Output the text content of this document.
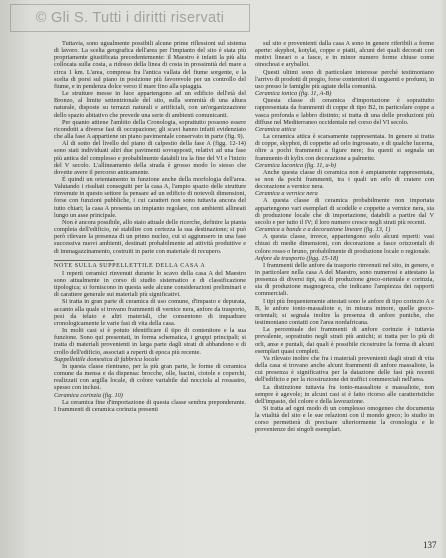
© Gli S. Tutti i diritti riservati

Tuttavia, sono ugualmente possibili alcune prime riflessioni sul sistema di lavoro. La scelta geografica dell'area per l'impianto del sito è stata più propriamente giustificata precedentemente: il Maestro è infatti la più alta collocata sulla costa, a ridosso della linea di costa in prossimità del mare a circa 1 km. L'area, compresa fra l'antica vallata del fiume sorgente, e la scelta di porsi sul piano in posizione più favorevole per un controllo del fiume, e in pendenza dolce verso il mare fino alla spiaggia.

Le strutture messe in luce appartengono ad un edificio dell'età del Bronzo, al limite settentrionale del sito, sulla sommità di una altura naturale, disposte su terrazzi naturali e artificiali, con un'organizzazione dello spazio abitativo che prevede una serie di ambienti comunicanti.

Per quanto attiene l'ambito della Cronologia, soprattutto possono essere ricondotti a diverse fasi di occupazione; gli scavi hanno infatti evidenziato che alla fase A appartiene un piano pavimentale conservato in parte (fig. 9).

Al di sotto del livello del piano di calpestio della fase A (figg. 12-14) sono stati individuati altri due pavimenti sovrapposti, relativi ad una fase più antica del complesso e probabilmente databili tra la fine del VI e l'inizio del V secolo. L'allineamento della strada è grosso modo lo stesso che dovette avere il percorso anticamente.

È quindi un orientamento in funzione anche della morfologia dell'area. Valutando i risultati conseguiti per la casa A, l'ampio spazio delle strutture rinvenute in questo settore fa pensare ad un edificio di notevoli dimensioni, forse con funzioni pubbliche, i cui caratteri non sono tuttavia ancora del tutto chiari; la casa A presenta un impianto regolare, con ambienti allineati lungo un asse principale.

Non è ancora possibile, allo stato attuale delle ricerche, definire la pianta completa dell'edificio, né stabilire con certezza la sua destinazione; si può però rilevare la presenza di un primo nucleo, cui si aggiunsero in una fase successiva nuovi ambienti, destinati probabilmente ad attività produttive e di immagazzinamento, costruiti in parte con materiale di recupero.

NOTE SULLA SUPPELLETTILE DELLA CASA A

I reperti ceramici rinvenuti durante lo scavo della casa A del Maestro sono attualmente in corso di studio sistematico e di classificazione tipologica; si forniscono in questa sede alcune considerazioni preliminari e di carattere generale sui materiali più significativi.

Si tratta in gran parte di ceramica di uso comune, d'impasto e depurata, accanto alla quale si trovano frammenti di vernice nera, anfore da trasporto, pesi da telaio e altri materiali, che consentono di inquadrare cronologicamente le varie fasi di vita della casa.

In molti casi si è potuto identificare il tipo di contenitore e la sua funzione. Sono qui presentati, in forma schematica, i gruppi principali; si tratta di materiali provenienti in larga parte dagli strati di abbandono e di crollo dell'edificio, associati a reperti di epoca più recente.

Suppellettile domestica di fabbrica locale

In questa classe rientrano, per la più gran parte, le forme di ceramica comune da mensa e da dispensa: brocche, olle, bacini, ciotole e coperchi, realizzati con argilla locale, di colore variabile dal nocciola al rossastro, spesso con inclusi.

Ceramica corinzia (fig. 10)

La ceramica fine d'importazione di questa classe sembra preponderante. I frammenti di ceramica corinzia presenti

sul sito e provenienti dalla casa A sono in genere riferibili a forme aperte: skyphoi, kotylai, coppe e piatti, alcuni dei quali decorati con motivi lineari o a fasce, e in minor numero forme chiuse come oinochoai e aryballoi.

Questi ultimi sono di particolare interesse perché testimoniano l'arrivo di prodotti di pregio, forse contenitori di unguenti e profumi, in uso presso le famiglie più agiate della comunità.

Ceramica ionica (fig. 11, A-B)

Questa classe di ceramica d'importazione è soprattutto rappresentata da frammenti di coppe di tipo B2, in particolare coppe a vasca profonda e labbro distinto; si tratta di una delle produzioni più diffuse nel Mediterraneo occidentale nel corso del VI secolo.

Ceramica attica

La ceramica attica è scarsamente rappresentata. In genere si tratta di coppe, skyphoi, di coppette ad orlo ingrossato, e di qualche lucerna, oltre a pochi frammenti a figure nere; fra questi si segnala un frammento di kylix con decorazione a palmette.

Ceramica laconica (fig. 11, a-b)

Anche questa classe di ceramica non è ampiamente rappresentata, se non da pochi frammenti, tra i quali un orlo di cratere con decorazione a vernice nera.

Ceramica a vernice nera

A questa classe di ceramica probabilmente non importata appartengono vari esemplari di scodelle e coppette a vernice nera, sia di produzione locale che di importazione, databili a partire dal V secolo e per tutto il IV; il loro numero cresce negli strati più recenti.

Ceramica a bande e a decorazione lineare (fig. 13, 1)

A questa classe, invece, appartengono solo alcuni reperti: vasi chiusi di medie dimensioni, con decorazione a fasce orizzontali di colore rosso o bruno, probabilmente di produzione locale o regionale.

Anfore da trasporto (figg. 15-18)

I frammenti delle anfore da trasporto rinvenuti nel sito, in genere, e in particolare nella casa A del Maestro, sono numerosi e attestano la presenza di diversi tipi, sia di produzione greco-orientale e corinzia, sia di produzione magnogreca, che indicano l'ampiezza dei rapporti commerciali.

I tipi più frequentemente attestati sono le anfore di tipo corinzio A e B, le anfore ionio-massaliote e, in misura minore, quelle greco-orientali; si segnala inoltre la presenza di anfore puniche, che testimoniano contatti con l'area nordafricana.

La percentuale dei frammenti di anfore corinzie è tuttavia prevalente, soprattutto negli strati più antichi; si tratta per lo più di orli, anse e puntali, dai quali è possibile ricostruire la forma di alcuni esemplari quasi completi.

Va rilevato inoltre che fra i materiali provenienti dagli strati di vita della casa si trovano anche alcuni frammenti di anfore massaliote, la cui presenza è significativa per la datazione delle fasi più recenti dell'edificio e per la ricostruzione dei traffici commerciali nell'area.

La distinzione tuttavia fra ionio-massaliote e massaliote, non sempre è agevole; in alcuni casi si è fatto ricorso alle caratteristiche dell'impasto, del colore e della lavorazione.

Si tratta ad ogni modo di un complesso omogeneo che documenta la vitalità del sito e le sue relazioni con il mondo greco; lo studio in corso permetterà di precisare ulteriormente la cronologia e le provenienze dei singoli esemplari.

137
